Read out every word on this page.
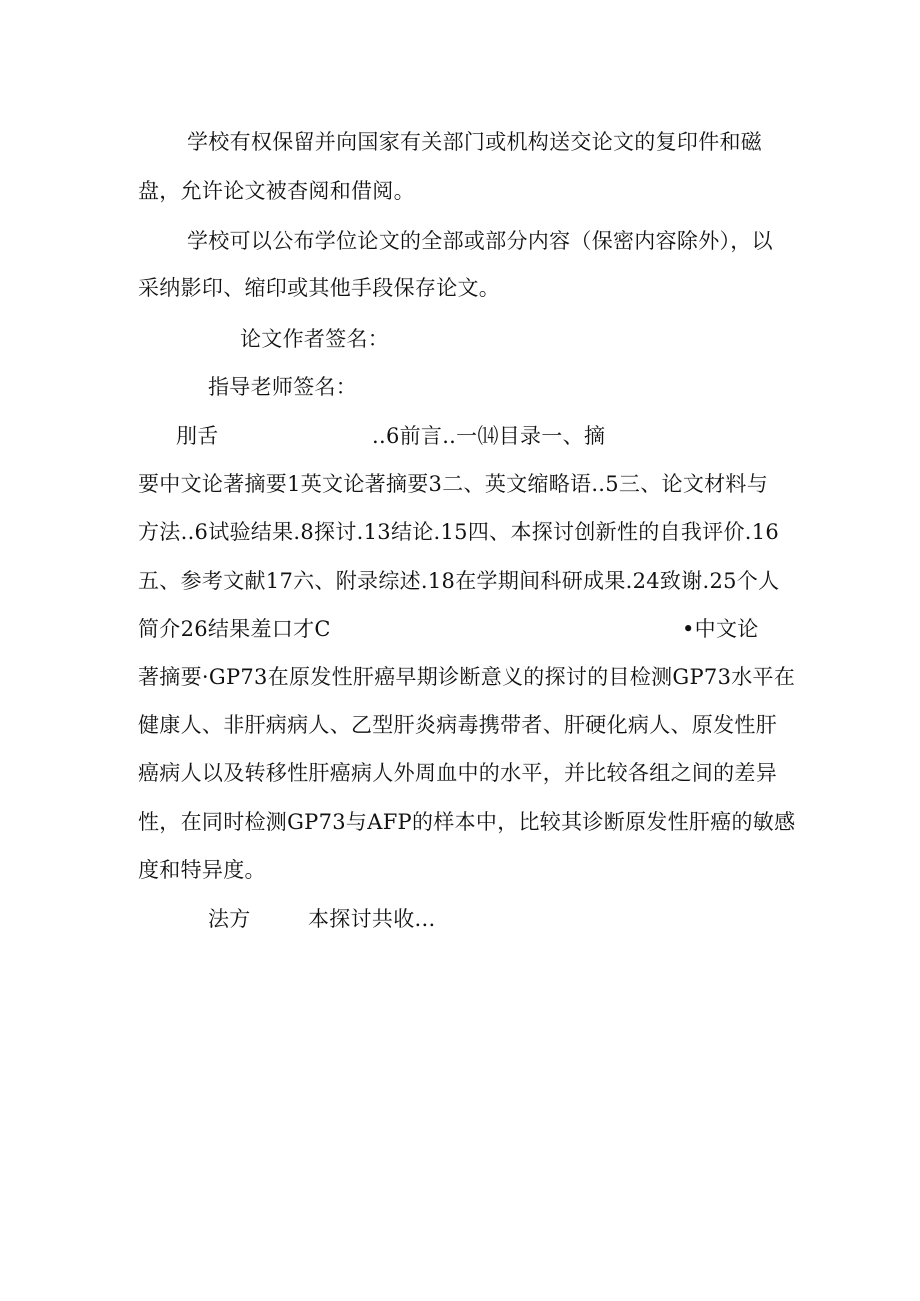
学校有权保留并向国家有关部门或机构送交论文的复印件和磁
盘，允许论文被杳阅和借阅。
学校可以公布学位论文的全部或部分内容（保密内容除外），以
采纳影印、缩印或其他手段保存论文。
论文作者签名：
指导老师签名：
刖舌	..6前言..一⒁目录一、摘
要中文论著摘要1英文论著摘要3二、英文缩略语..5三、论文材料与
方法..6试验结果.8探讨.13结论.15四、本探讨创新性的自我评价.16
五、参考文献17六、附录综述.18在学期间科研成果.24致谢.25个人
简介26结果羞口才C	•中文论
著摘要·GP73在原发性肝癌早期诊断意义的探讨的目检测GP73水平在
健康人、非肝病病人、乙型肝炎病毒携带者、肝硬化病人、原发性肝
癌病人以及转移性肝癌病人外周血中的水平，并比较各组之间的差异
性，在同时检测GP73与AFP的样本中，比较其诊断原发性肝癌的敏感
度和特异度。
法方	本探讨共收...
